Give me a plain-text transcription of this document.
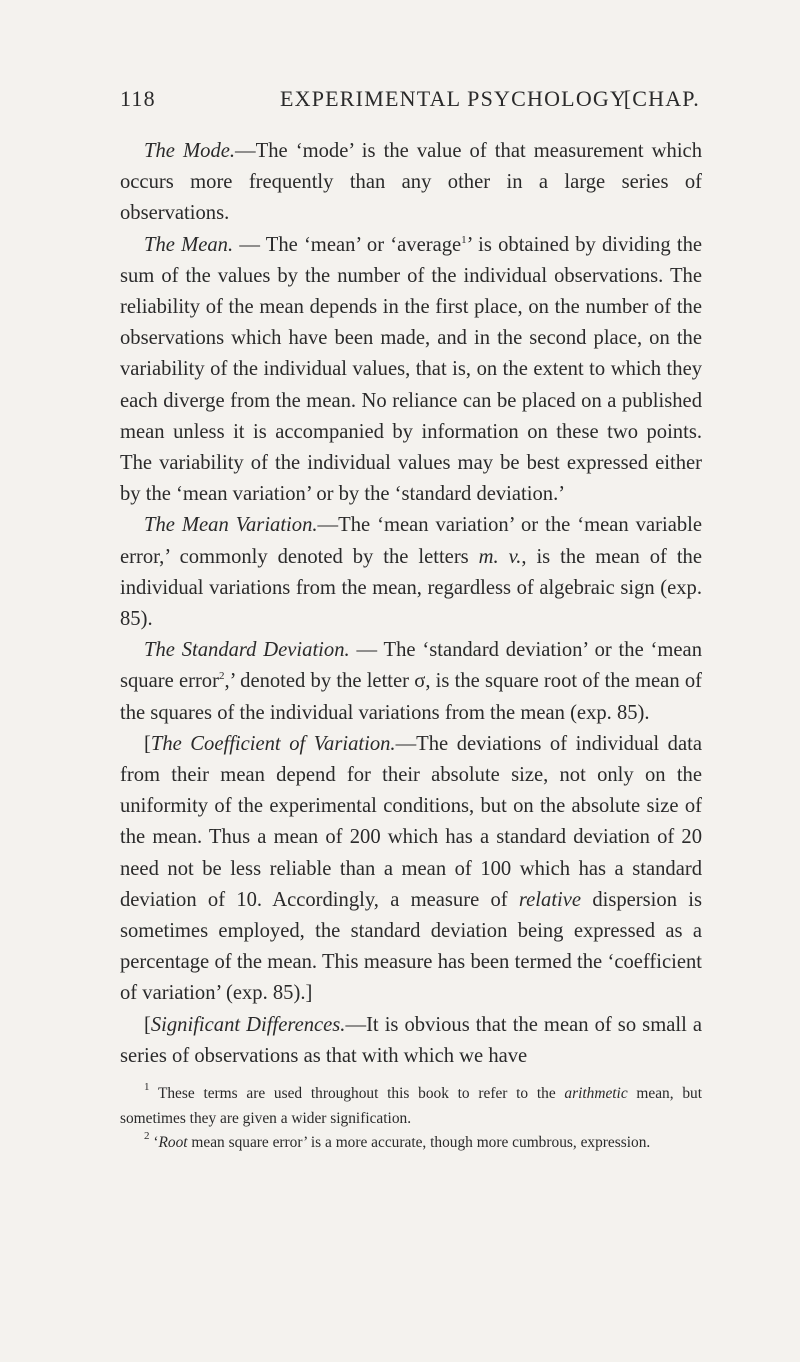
118	EXPERIMENTAL PSYCHOLOGY
[CHAP.

The Mode.—The ‘mode’ is the value of that measurement which occurs more frequently than any other in a large series of observations.

The Mean. — The ‘mean’ or ‘average$^1$’ is obtained by dividing the sum of the values by the number of the individual observations. The reliability of the mean depends in the first place, on the number of the observations which have been made, and in the second place, on the variability of the individual values, that is, on the extent to which they each diverge from the mean. No reliance can be placed on a published mean unless it is accompanied by information on these two points. The variability of the individual values may be best expressed either by the ‘mean variation’ or by the ‘standard deviation.’

The Mean Variation.—The ‘mean variation’ or the ‘mean variable error,’ commonly denoted by the letters m. v., is the mean of the individual variations from the mean, regardless of algebraic sign (exp. 85).

The Standard Deviation. — The ‘standard deviation’ or the ‘mean square error$^2$,’ denoted by the letter σ, is the square root of the mean of the squares of the individual variations from the mean (exp. 85).

[The Coefficient of Variation.—The deviations of individual data from their mean depend for their absolute size, not only on the uniformity of the experimental conditions, but on the absolute size of the mean. Thus a mean of 200 which has a standard deviation of 20 need not be less reliable than a mean of 100 which has a standard deviation of 10. Accordingly, a measure of relative dispersion is sometimes employed, the standard deviation being expressed as a percentage of the mean. This measure has been termed the ‘coefficient of variation’ (exp. 85).]

[Significant Differences.—It is obvious that the mean of so small a series of observations as that with which we have

$^1$ These terms are used throughout this book to refer to the arithmetic mean, but sometimes they are given a wider signification.

$^2$ ‘Root mean square error’ is a more accurate, though more cumbrous, expression.
